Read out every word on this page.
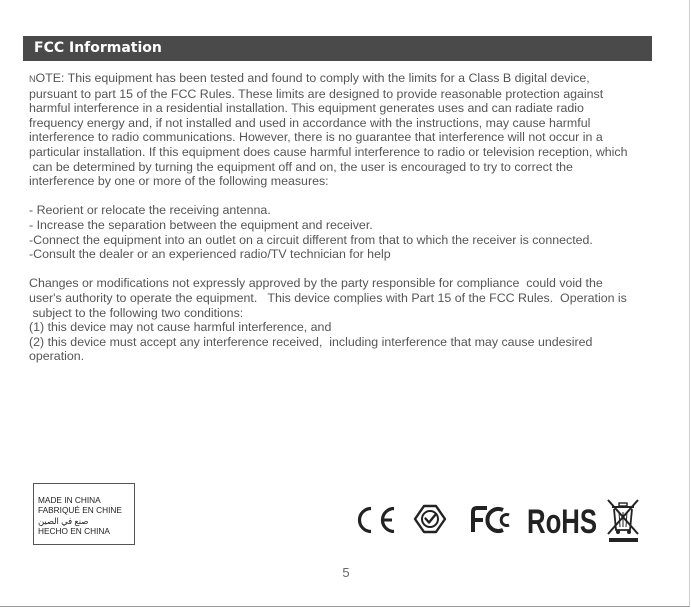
FCC Information

NOTE: This equipment has been tested and found to comply with the limits for a Class B digital device,

pursuant to part 15 of the FCC Rules. These limits are designed to provide reasonable protection against

harmful interference in a residential installation. This equipment generates uses and can radiate radio

frequency energy and, if not installed and used in accordance with the instructions, may cause harmful

interference to radio communications. However, there is no guarantee that interference will not occur in a

particular installation. If this equipment does cause harmful interference to radio or television reception, which

can be determined by turning the equipment off and on, the user is encouraged to try to correct the

interference by one or more of the following measures:

- Reorient or relocate the receiving antenna.

- Increase the separation between the equipment and receiver.

-Connect the equipment into an outlet on a circuit different from that to which the receiver is connected.

-Consult the dealer or an experienced radio/TV technician for help

Changes or modifications not expressly approved by the party responsible for compliance  could void the

user's authority to operate the equipment.   This device complies with Part 15 of the FCC Rules.  Operation is

subject to the following two conditions:

(1) this device may not cause harmful interference, and

(2) this device must accept any interference received,  including interference that may cause undesired

operation.

MADE IN CHINA
FABRIQUÉ EN CHINE
صنع في الصين
HECHO EN CHINA	RoHS
5
